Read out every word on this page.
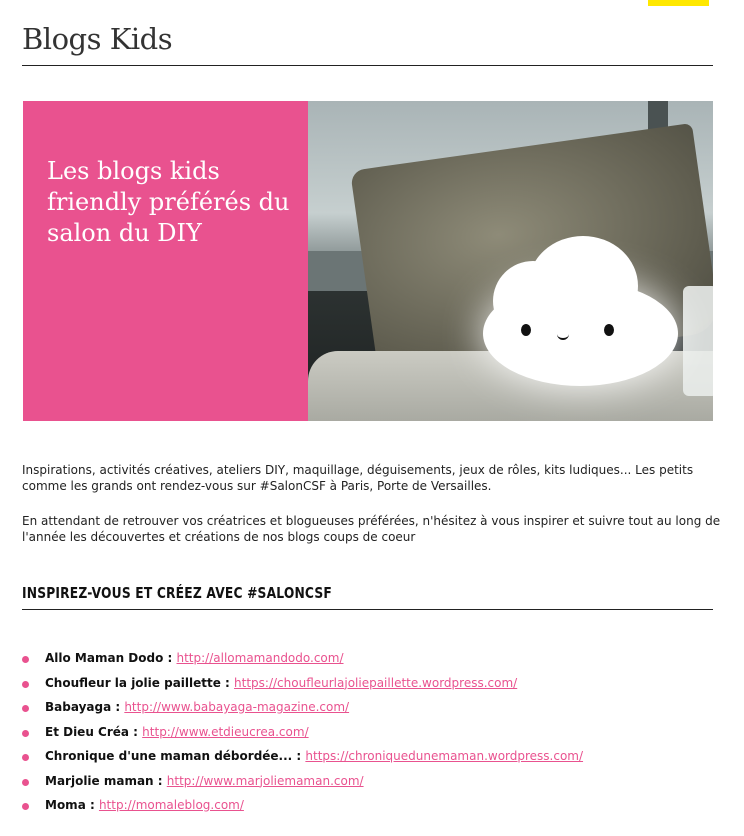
Blogs Kids
Les blogs kids friendly préférés du salon du DIY

Inspirations, activités créatives, ateliers DIY, maquillage, déguisements, jeux de rôles, kits ludiques... Les petits comme les grands ont rendez-vous sur #SalonCSF à Paris, Porte de Versailles.

En attendant de retrouver vos créatrices et blogueuses préférées, n'hésitez à vous inspirer et suivre tout au long de l'année les découvertes et créations de nos blogs coups de coeur

INSPIREZ-VOUS ET CRÉEZ AVEC #SALONCSF
Allo Maman Dodo : http://allomamandodo.com/
Choufleur la jolie paillette : https://choufleurlajoliepaillette.wordpress.com/
Babayaga : http://www.babayaga-magazine.com/
Et Dieu Créa : http://www.etdieucrea.com/
Chronique d'une maman débordée... : https://chroniquedunemaman.wordpress.com/
Marjolie maman : http://www.marjoliemaman.com/
Moma : http://momaleblog.com/
